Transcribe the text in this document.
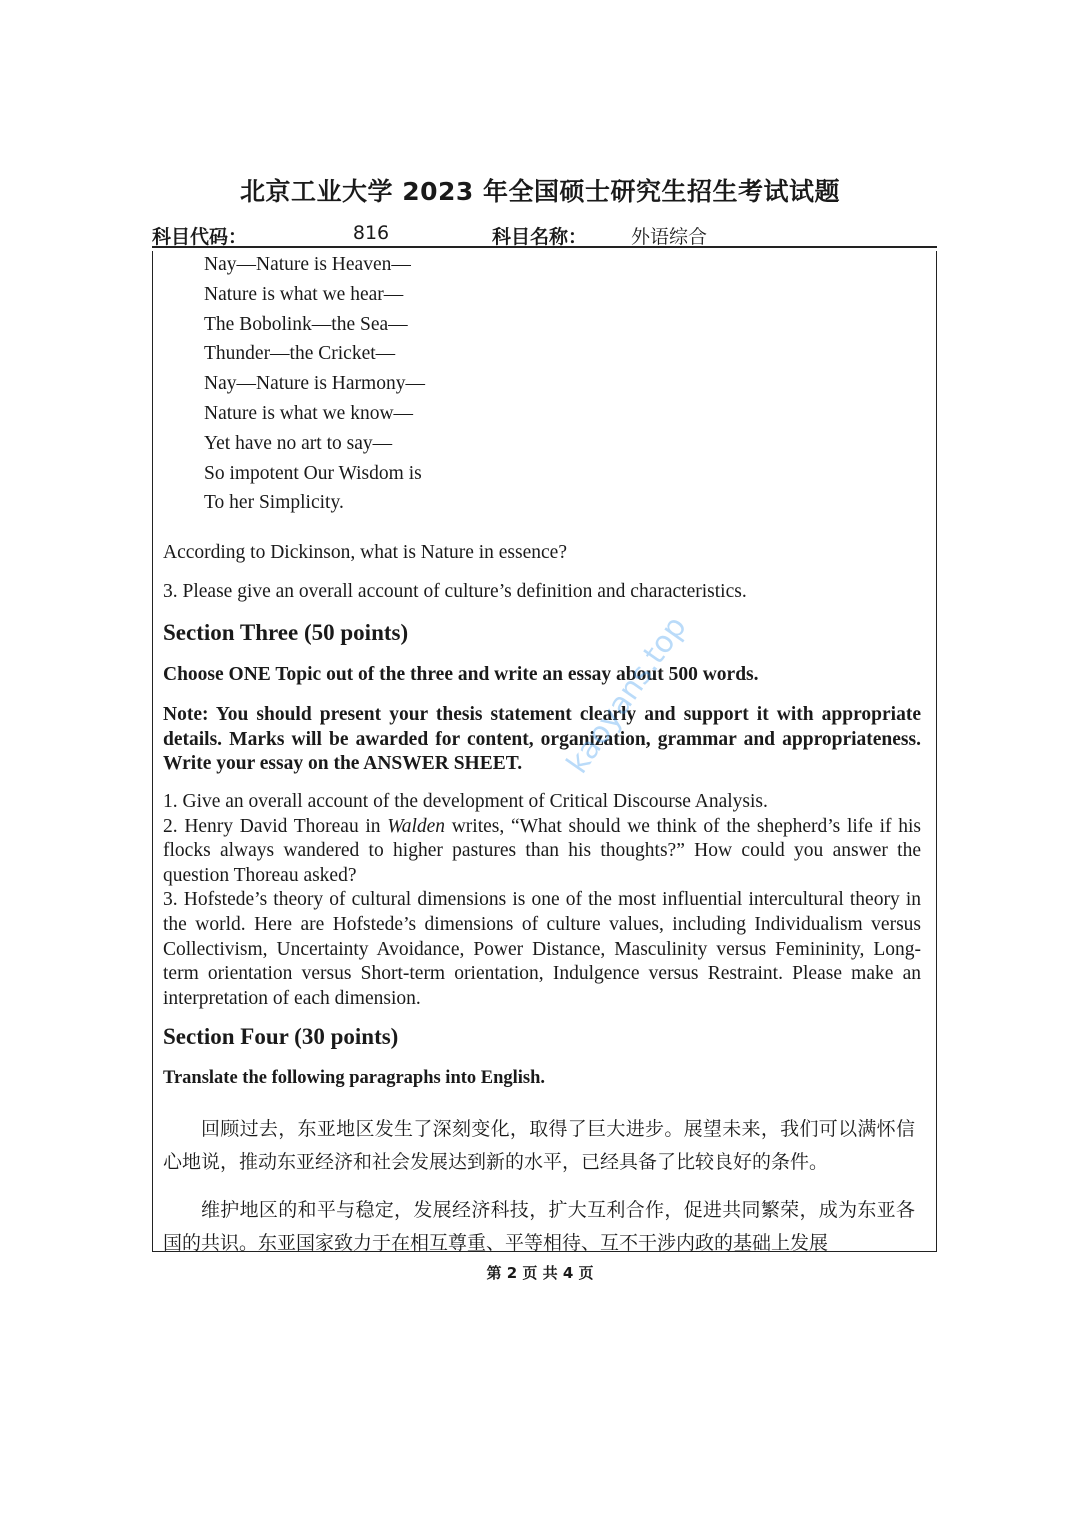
北京工业大学 2023 年全国硕士研究生招生考试试题
科目代码：	816	科目名称：	外语综合
Nay—Nature is Heaven—
Nature is what we hear—
The Bobolink—the Sea—
Thunder—the Cricket—
Nay—Nature is Harmony—
Nature is what we know—
Yet have no art to say—
So impotent Our Wisdom is
To her Simplicity.
According to Dickinson, what is Nature in essence?
3. Please give an overall account of culture’s definition and characteristics.
Section Three (50 points)
Choose ONE Topic out of the three and write an essay about 500 words.
Note: You should present your thesis statement clearly and support it with appropriate details. Marks will be awarded for content, organization, grammar and appropriateness. Write your essay on the ANSWER SHEET.
1. Give an overall account of the development of Critical Discourse Analysis.
2. Henry David Thoreau in Walden writes, “What should we think of the shepherd’s life if his flocks always wandered to higher pastures than his thoughts?” How could you answer the question Thoreau asked?
3. Hofstede’s theory of cultural dimensions is one of the most influential intercultural theory in the world. Here are Hofstede’s dimensions of culture values, including Individualism versus Collectivism, Uncertainty Avoidance, Power Distance, Masculinity versus Femininity, Long-term orientation versus Short-term orientation, Indulgence versus Restraint. Please make an interpretation of each dimension.
Section Four (30 points)
Translate the following paragraphs into English.
回顾过去，东亚地区发生了深刻变化，取得了巨大进步。展望未来，我们可以满怀信心地说，推动东亚经济和社会发展达到新的水平，已经具备了比较良好的条件。
维护地区的和平与稳定，发展经济科技，扩大互利合作，促进共同繁荣，成为东亚各国的共识。东亚国家致力于在相互尊重、平等相待、互不干涉内政的基础上发展
第 2 页 共 4 页
kaoyans.top
